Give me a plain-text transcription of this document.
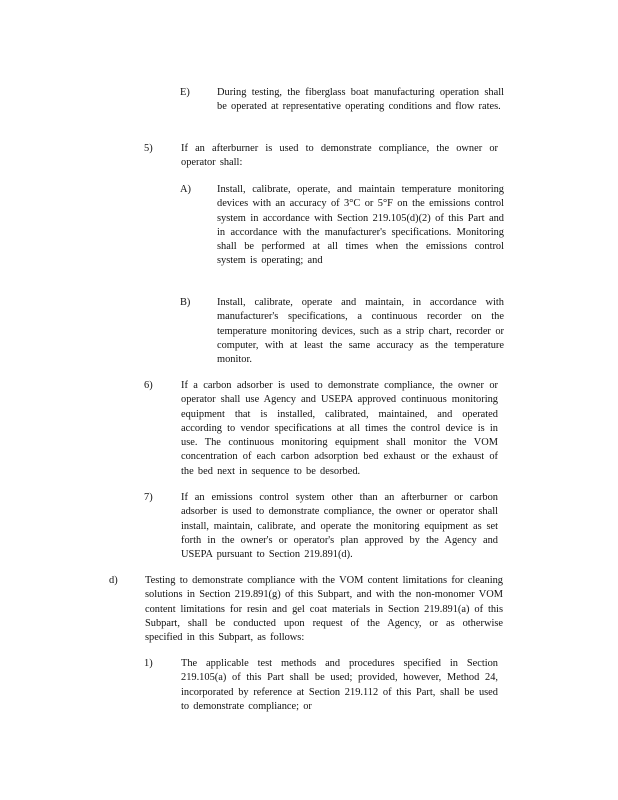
E)	During testing, the fiberglass boat manufacturing operation shall be operated at representative operating conditions and flow rates.
5)	If an afterburner is used to demonstrate compliance, the owner or operator shall:
A)	Install, calibrate, operate, and maintain temperature monitoring devices with an accuracy of 3°C or 5°F on the emissions control system in accordance with Section 219.105(d)(2) of this Part and in accordance with the manufacturer's specifications. Monitoring shall be performed at all times when the emissions control system is operating; and
B)	Install, calibrate, operate and maintain, in accordance with manufacturer's specifications, a continuous recorder on the temperature monitoring devices, such as a strip chart, recorder or computer, with at least the same accuracy as the temperature monitor.
6)	If a carbon adsorber is used to demonstrate compliance, the owner or operator shall use Agency and USEPA approved continuous monitoring equipment that is installed, calibrated, maintained, and operated according to vendor specifications at all times the control device is in use. The continuous monitoring equipment shall monitor the VOM concentration of each carbon adsorption bed exhaust or the exhaust of the bed next in sequence to be desorbed.
7)	If an emissions control system other than an afterburner or carbon adsorber is used to demonstrate compliance, the owner or operator shall install, maintain, calibrate, and operate the monitoring equipment as set forth in the owner's or operator's plan approved by the Agency and USEPA pursuant to Section 219.891(d).
d)	Testing to demonstrate compliance with the VOM content limitations for cleaning solutions in Section 219.891(g) of this Subpart, and with the non-monomer VOM content limitations for resin and gel coat materials in Section 219.891(a) of this Subpart, shall be conducted upon request of the Agency, or as otherwise specified in this Subpart, as follows:
1)	The applicable test methods and procedures specified in Section 219.105(a) of this Part shall be used; provided, however, Method 24, incorporated by reference at Section 219.112 of this Part, shall be used to demonstrate compliance; or
